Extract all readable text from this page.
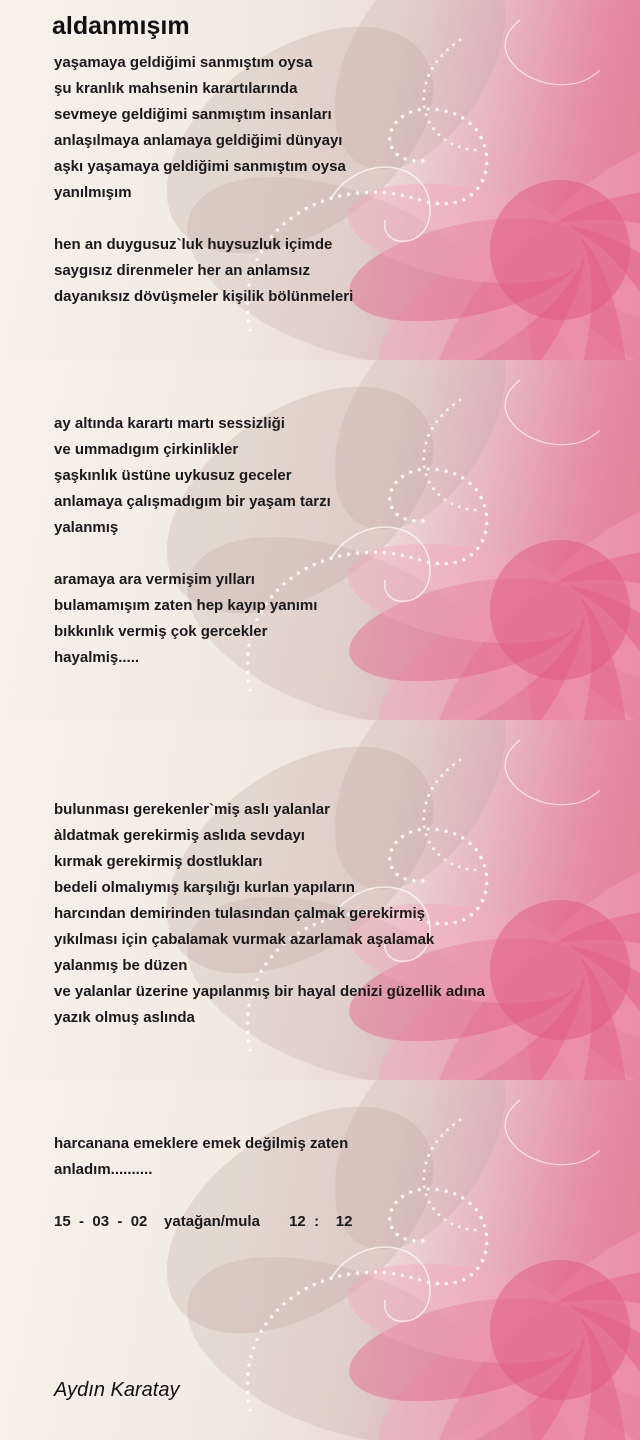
aldanmışım
yaşamaya geldiğimi sanmıştım oysa
şu kranlık mahsenin karartılarında
sevmeye geldiğimi sanmıştım insanları
anlaşılmaya anlamaya geldiğimi dünyayı
aşkı yaşamaya geldiğimi sanmıştım oysa
yanılmışım
hen an duygusuz`luk huysuzluk içimde
saygısız direnmeler her an anlamsız
dayanıksız dövüşmeler kişilik bölünmeleri
ay altında karartı martı sessizliği
ve ummadıgım çirkinlikler
şaşkınlık üstüne uykusuz geceler
anlamaya çalışmadıgım bir yaşam tarzı
yalanmış
aramaya ara vermişim yılları
bulamamışım zaten hep kayıp yanımı
bıkkınlık vermiş çok gercekler
hayalmiş.....
bulunması gerekenler`miş aslı yalanlar
àldatmak gerekirmiş aslıda sevdayı
kırmak gerekirmiş dostlukları
bedeli olmalıymış karşılığı kurlan yapıların
harcından demirinden tulasından çalmak gerekirmiş
yıkılması için çabalamak vurmak azarlamak aşalamak
yalanmış be düzen
ve yalanlar üzerine yapılanmış bir hayal denizi güzellik adına
yazık olmuş aslında
harcanana emeklere emek değilmiş zaten
anladım..........
15  -  03  -  02    yatağan/mula       12  :    12
Aydın Karatay
